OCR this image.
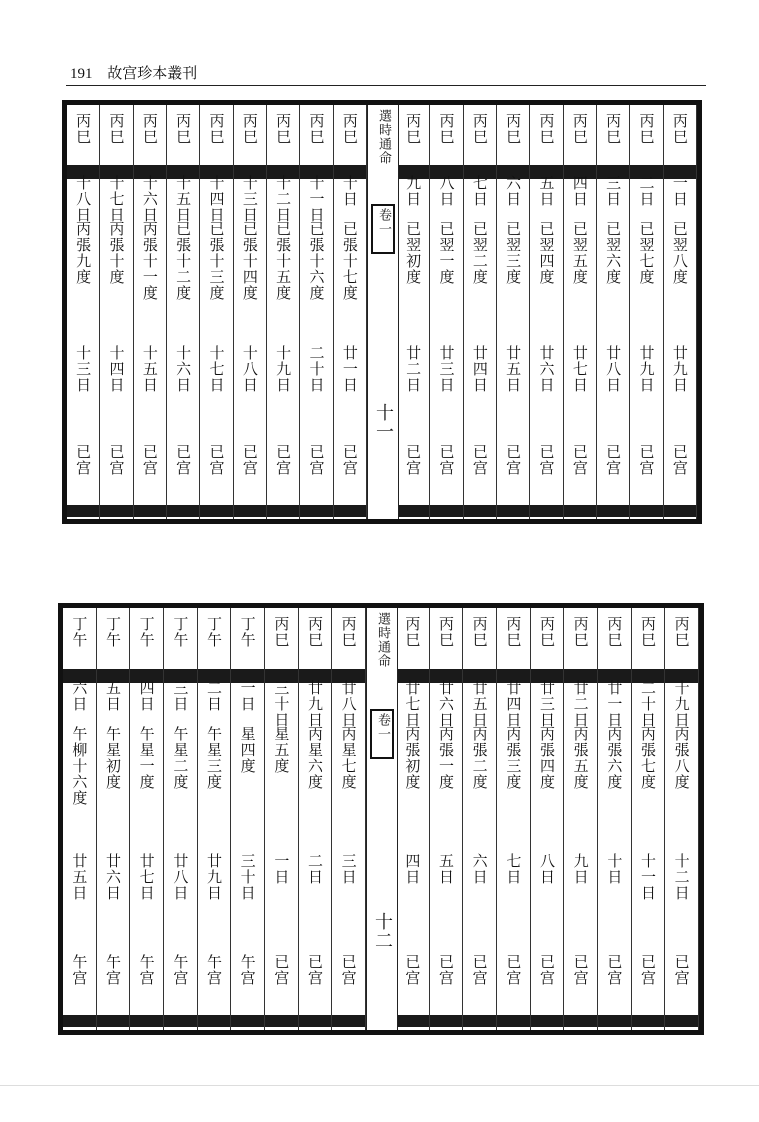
191 故宫珍本叢刊
丙巳
一日
已翌八度
廿九日
已宫
丙巳
二日
已翌七度
廿九日
已宫
丙巳
三日
已翌六度
廿八日
已宫
丙巳
四日
已翌五度
廿七日
已宫
丙巳
五日
已翌四度
廿六日
已宫
丙巳
六日
已翌三度
廿五日
已宫
丙巳
七日
已翌二度
廿四日
已宫
丙巳
八日
已翌一度
廿三日
已宫
丙巳
九日
已翌初度
廿二日
已宫
丙巳
十日
已張十七度
廿一日
已宫
丙巳
十一日
已張十六度
二十日
已宫
丙巳
十二日
已張十五度
十九日
已宫
丙巳
十三日
已張十四度
十八日
已宫
丙巳
十四日
已張十三度
十七日
已宫
丙巳
十五日
已張十二度
十六日
已宫
丙巳
十六日
丙張十一度
十五日
已宫
丙巳
十七日
丙張十度
十四日
已宫
丙巳
十八日
丙張九度
十三日
已宫
選時通命
卷一
十一
丙巳
十九日
丙張八度
十二日
已宫
丙巳
二十日
丙張七度
十一日
已宫
丙巳
廿一日
丙張六度
十日
已宫
丙巳
廿二日
丙張五度
九日
已宫
丙巳
廿三日
丙張四度
八日
已宫
丙巳
廿四日
丙張三度
七日
已宫
丙巳
廿五日
丙張二度
六日
已宫
丙巳
廿六日
丙張一度
五日
已宫
丙巳
廿七日
丙張初度
四日
已宫
丙巳
廿八日
丙星七度
三日
已宫
丙巳
廿九日
丙星六度
二日
已宫
丙巳
三十日
星五度
一日
已宫
丁午
一日
星四度
三十日
午宫
丁午
二日
午星三度
廿九日
午宫
丁午
三日
午星二度
廿八日
午宫
丁午
四日
午星一度
廿七日
午宫
丁午
五日
午星初度
廿六日
午宫
丁午
六日
午柳十六度
廿五日
午宫
選時通命
卷一
十二
